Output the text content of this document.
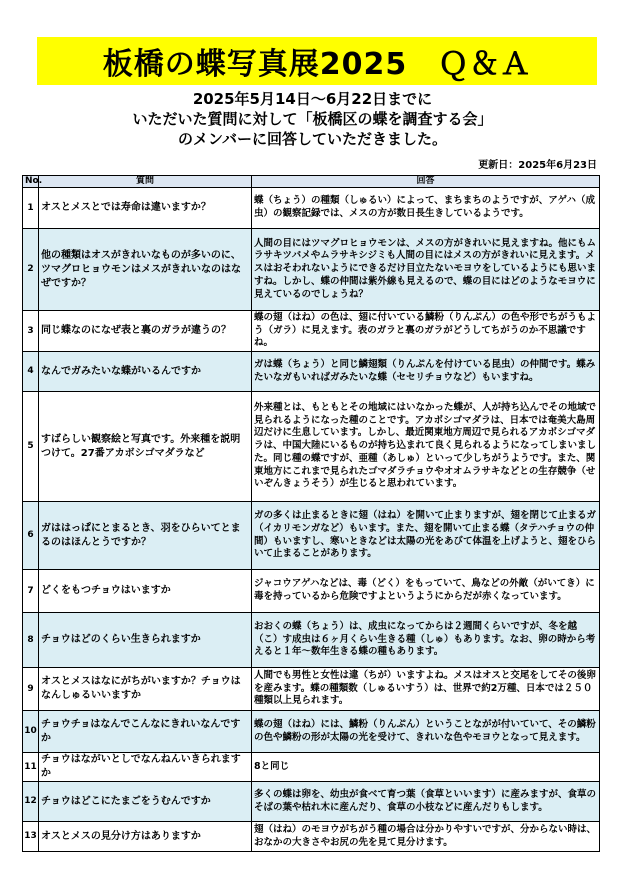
板橋の蝶写真展2025　Ｑ＆Ａ
2025年5月14日～6月22日までに
いただいた質問に対して「板橋区の蝶を調査する会」
のメンバーに回答していただきました。
更新日：2025年6月23日
No.	質問	回答
1	オスとメスとでは寿命は違いますか？	蝶（ちょう）の種類（しゅるい）によって、まちまちのようですが、アゲハ（成虫）の観察記録では、メスの方が数日長生きしているようです。
2	他の種類はオスがきれいなものが多いのに、ツマグロヒョウモンはメスがきれいなのはなぜですか？	人間の目にはツマグロヒョウモンは、メスの方がきれいに見えますね。他にもムラサキツバメやムラサキシジミも人間の目にはメスの方がきれいに見えます。メスはおそわれないようにできるだけ目立たないモヨウをしているようにも思いますね。しかし、蝶の仲間は紫外線も見えるので、蝶の目にはどのようなモヨウに見えているのでしょうね？
3	同じ蝶なのになぜ表と裏のガラが違うの？	蝶の翅（はね）の色は、翅に付いている鱗粉（りんぷん）の色や形でちがうもよう（ガラ）に見えます。表のガラと裏のガラがどうしてちがうのか不思議ですね。
4	なんでガみたいな蝶がいるんですか	ガは蝶（ちょう）と同じ鱗翅類（りんぷんを付けている昆虫）の仲間です。蝶みたいなガもいればガみたいな蝶（セセリチョウなど）もいますね。
5	すばらしい観察絵と写真です。外来種を説明つけて。27番アカボシゴマダラなど	外来種とは、もともとその地域にはいなかった蝶が、人が持ち込んでその地域で見られるようになった種のことです。アカボシゴマダラは、日本では奄美大島周辺だけに生息しています。しかし、最近関東地方周辺で見られるアカボシゴマダラは、中国大陸にいるものが持ち込まれて良く見られるようになってしまいました。同じ種の蝶ですが、亜種（あしゅ）といって少しちがうようです。また、関東地方にこれまで見られたゴマダラチョウやオオムラサキなどとの生存競争（せいぞんきょうそう）が生じると思われています。
6	ガははっぱにとまるとき、羽をひらいてとまるのはほんとうですか？	ガの多くは止まるときに翅（はね）を開いて止まりますが、翅を閉じて止まるガ（イカリモンガなど）もいます。また、翅を開いて止まる蝶（タテハチョウの仲間）もいますし、寒いときなどは太陽の光をあびて体温を上げようと、翅をひらいて止まることがあります。
7	どくをもつチョウはいますか	ジャコウアゲハなどは、毒（どく）をもっていて、鳥などの外敵（がいてき）に毒を持っているから危険ですよというようにからだが赤くなっています。
8	チョウはどのくらい生きられますか	おおくの蝶（ちょう）は、成虫になってからは２週間くらいですが、冬を越（こ）す成虫は６ヶ月くらい生きる種（しゅ）もあります。なお、卵の時から考えると１年～数年生きる蝶の種もあります。
9	オスとメスはなにがちがいますか？チョウはなんしゅるいいますか	人間でも男性と女性は違（ちが）いますよね。メスはオスと交尾をしてその後卵を産みます。蝶の種類数（しゅるいすう）は、世界で約2万種、日本では２５０種類以上見られます。
10	チョウチョはなんでこんなにきれいなんですか	蝶の翅（はね）には、鱗粉（りんぷん）ということながが付いていて、その鱗粉の色や鱗粉の形が太陽の光を受けて、きれいな色やモヨウとなって見えます。
11	チョウはながいとしでなんねんいきられますか	8と同じ
12	チョウはどこにたまごをうむんですか	多くの蝶は卵を、幼虫が食べて育つ葉（食草といいます）に産みますが、食草のそばの葉や枯れ木に産んだり、食草の小枝などに産んだりもします。
13	オスとメスの見分け方はありますか	翅（はね）のモヨウがちがう種の場合は分かりやすいですが、分からない時は、おなかの大きさやお尻の先を見て見分けます。
